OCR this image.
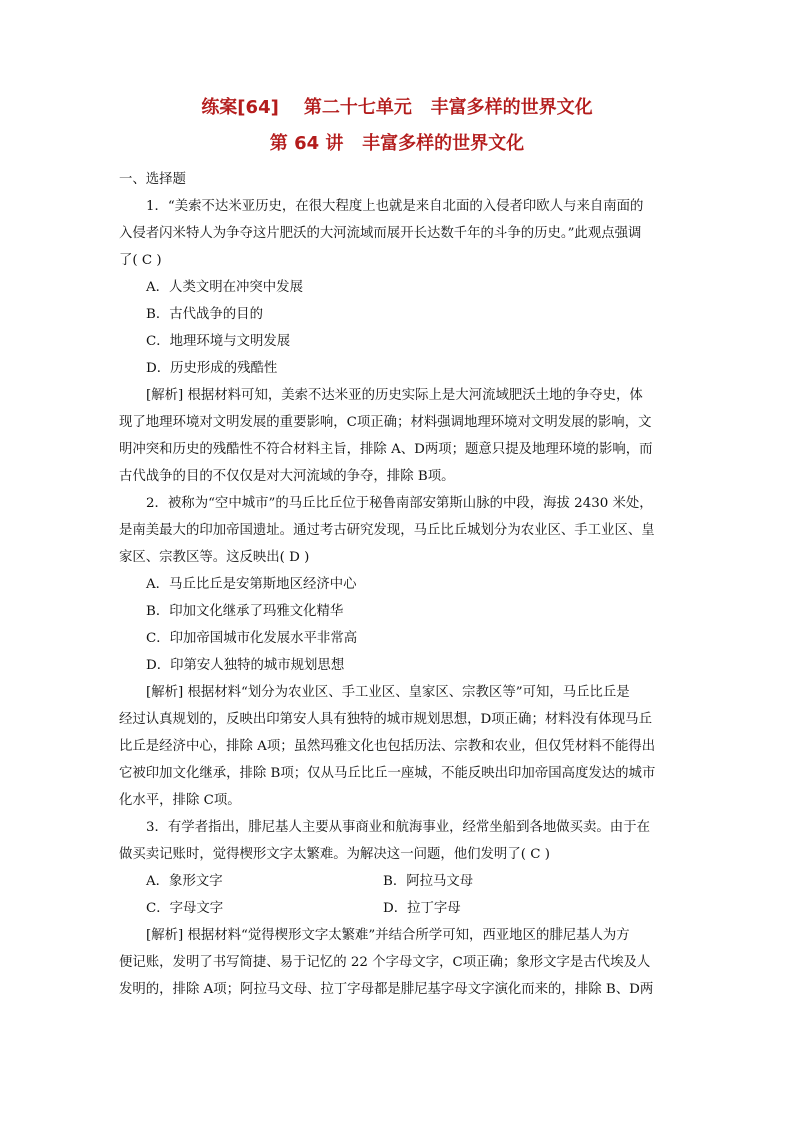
练案[64]    第二十七单元   丰富多样的世界文化
第 64 讲   丰富多样的世界文化
一、选择题
1．“美索不达米亚历史，在很大程度上也就是来自北面的入侵者印欧人与来自南面的
入侵者闪米特人为争夺这片肥沃的大河流域而展开长达数千年的斗争的历史。”此观点强调
了( C )
A．人类文明在冲突中发展
B．古代战争的目的
C．地理环境与文明发展
D．历史形成的残酷性
[解析] 根据材料可知，美索不达米亚的历史实际上是大河流域肥沃土地的争夺史，体
现了地理环境对文明发展的重要影响，C项正确；材料强调地理环境对文明发展的影响，文
明冲突和历史的残酷性不符合材料主旨，排除 A、D两项；题意只提及地理环境的影响，而
古代战争的目的不仅仅是对大河流域的争夺，排除 B项。
2．被称为“空中城市”的马丘比丘位于秘鲁南部安第斯山脉的中段，海拔 2430 米处，
是南美最大的印加帝国遗址。通过考古研究发现，马丘比丘城划分为农业区、手工业区、皇
家区、宗教区等。这反映出( D )
A．马丘比丘是安第斯地区经济中心
B．印加文化继承了玛雅文化精华
C．印加帝国城市化发展水平非常高
D．印第安人独特的城市规划思想
[解析] 根据材料“划分为农业区、手工业区、皇家区、宗教区等”可知，马丘比丘是
经过认真规划的，反映出印第安人具有独特的城市规划思想，D项正确；材料没有体现马丘
比丘是经济中心，排除 A项；虽然玛雅文化也包括历法、宗教和农业，但仅凭材料不能得出
它被印加文化继承，排除 B项；仅从马丘比丘一座城，不能反映出印加帝国高度发达的城市
化水平，排除 C项。
3．有学者指出，腓尼基人主要从事商业和航海事业，经常坐船到各地做买卖。由于在
做买卖记账时，觉得楔形文字太繁难。为解决这一问题，他们发明了( C )
A．象形文字	B．阿拉马文母
C．字母文字	D．拉丁字母
[解析] 根据材料“觉得楔形文字太繁难”并结合所学可知，西亚地区的腓尼基人为方
便记账，发明了书写简捷、易于记忆的 22 个字母文字，C项正确；象形文字是古代埃及人
发明的，排除 A项；阿拉马文母、拉丁字母都是腓尼基字母文字演化而来的，排除 B、D两
